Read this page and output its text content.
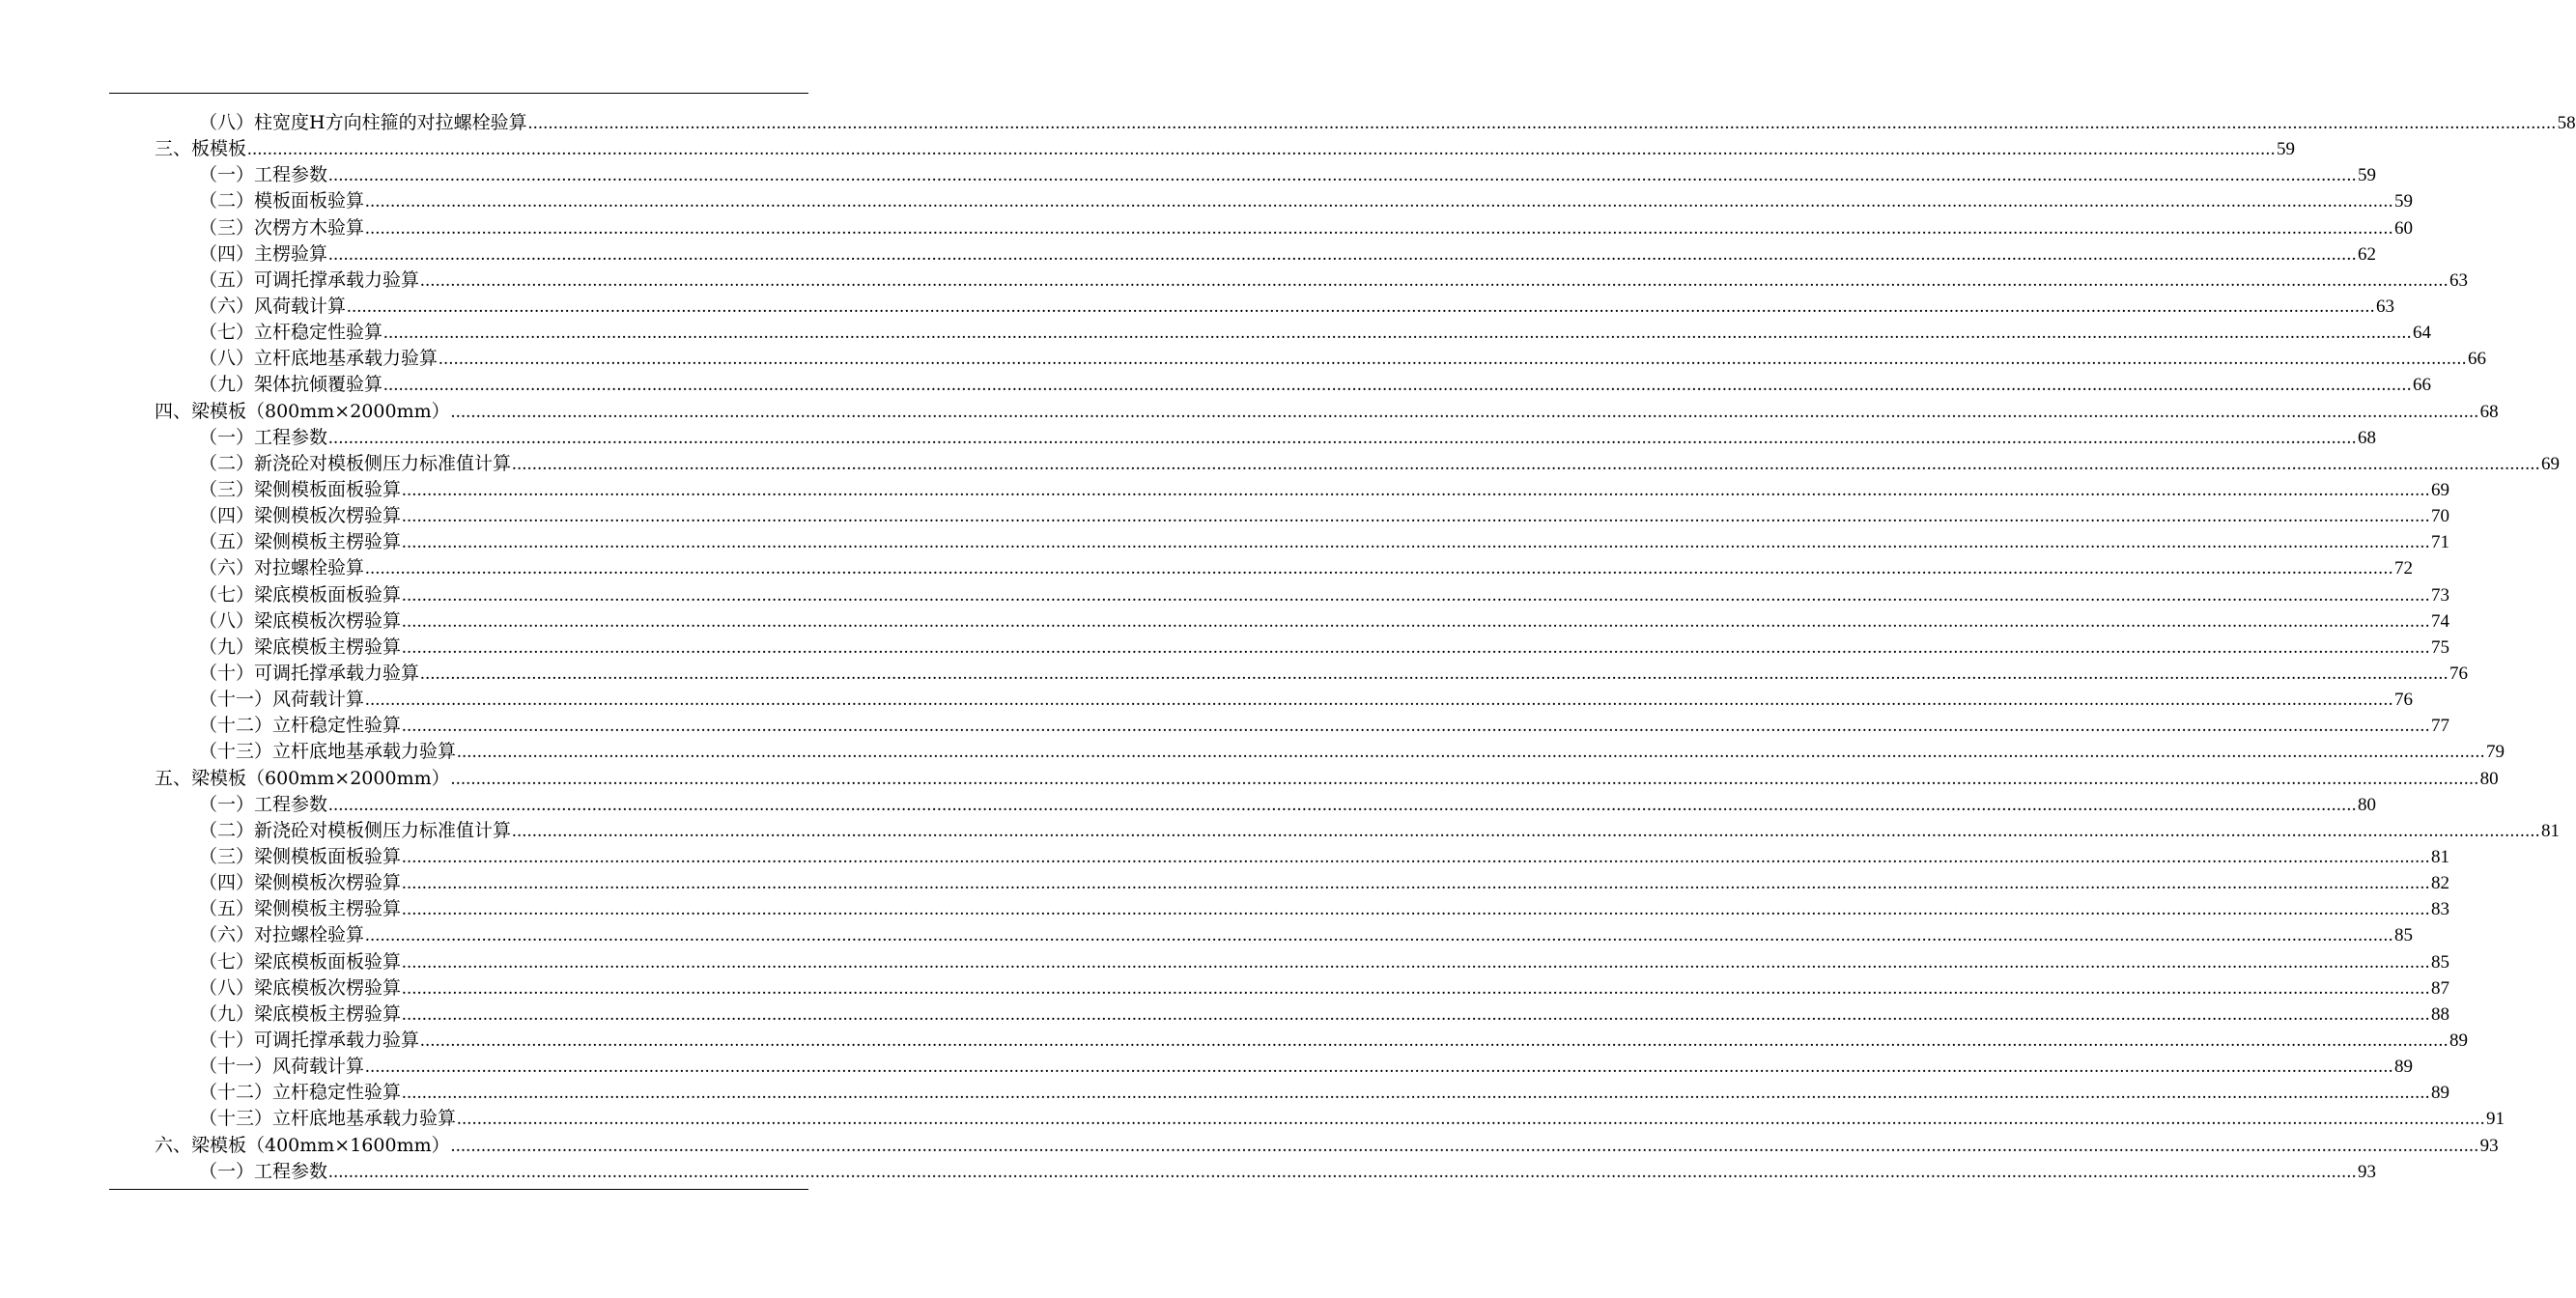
（八）柱宽度H方向柱箍的对拉螺栓验算 ................................................................................................................................................................................................................................................................................................................................................................................................................ 58
三、板模板 ................................................................................................................................................................................................................................................................................................................................................................................................................ 59
（一）工程参数 ................................................................................................................................................................................................................................................................................................................................................................................................................ 59
（二）模板面板验算 ................................................................................................................................................................................................................................................................................................................................................................................................................ 59
（三）次楞方木验算 ................................................................................................................................................................................................................................................................................................................................................................................................................ 60
（四）主楞验算 ................................................................................................................................................................................................................................................................................................................................................................................................................ 62
（五）可调托撑承载力验算 ................................................................................................................................................................................................................................................................................................................................................................................................................ 63
（六）风荷载计算 ................................................................................................................................................................................................................................................................................................................................................................................................................ 63
（七）立杆稳定性验算 ................................................................................................................................................................................................................................................................................................................................................................................................................ 64
（八）立杆底地基承载力验算 ................................................................................................................................................................................................................................................................................................................................................................................................................ 66
（九）架体抗倾覆验算 ................................................................................................................................................................................................................................................................................................................................................................................................................ 66
四、梁模板（800mm×2000mm） ................................................................................................................................................................................................................................................................................................................................................................................................................ 68
（一）工程参数 ................................................................................................................................................................................................................................................................................................................................................................................................................ 68
（二）新浇砼对模板侧压力标准值计算 ................................................................................................................................................................................................................................................................................................................................................................................................................ 69
（三）梁侧模板面板验算 ................................................................................................................................................................................................................................................................................................................................................................................................................ 69
（四）梁侧模板次楞验算 ................................................................................................................................................................................................................................................................................................................................................................................................................ 70
（五）梁侧模板主楞验算 ................................................................................................................................................................................................................................................................................................................................................................................................................ 71
（六）对拉螺栓验算 ................................................................................................................................................................................................................................................................................................................................................................................................................ 72
（七）梁底模板面板验算 ................................................................................................................................................................................................................................................................................................................................................................................................................ 73
（八）梁底模板次楞验算 ................................................................................................................................................................................................................................................................................................................................................................................................................ 74
（九）梁底模板主楞验算 ................................................................................................................................................................................................................................................................................................................................................................................................................ 75
（十）可调托撑承载力验算 ................................................................................................................................................................................................................................................................................................................................................................................................................ 76
（十一）风荷载计算 ................................................................................................................................................................................................................................................................................................................................................................................................................ 76
（十二）立杆稳定性验算 ................................................................................................................................................................................................................................................................................................................................................................................................................ 77
（十三）立杆底地基承载力验算 ................................................................................................................................................................................................................................................................................................................................................................................................................ 79
五、梁模板（600mm×2000mm） ................................................................................................................................................................................................................................................................................................................................................................................................................ 80
（一）工程参数 ................................................................................................................................................................................................................................................................................................................................................................................................................ 80
（二）新浇砼对模板侧压力标准值计算 ................................................................................................................................................................................................................................................................................................................................................................................................................ 81
（三）梁侧模板面板验算 ................................................................................................................................................................................................................................................................................................................................................................................................................ 81
（四）梁侧模板次楞验算 ................................................................................................................................................................................................................................................................................................................................................................................................................ 82
（五）梁侧模板主楞验算 ................................................................................................................................................................................................................................................................................................................................................................................................................ 83
（六）对拉螺栓验算 ................................................................................................................................................................................................................................................................................................................................................................................................................ 85
（七）梁底模板面板验算 ................................................................................................................................................................................................................................................................................................................................................................................................................ 85
（八）梁底模板次楞验算 ................................................................................................................................................................................................................................................................................................................................................................................................................ 87
（九）梁底模板主楞验算 ................................................................................................................................................................................................................................................................................................................................................................................................................ 88
（十）可调托撑承载力验算 ................................................................................................................................................................................................................................................................................................................................................................................................................ 89
（十一）风荷载计算 ................................................................................................................................................................................................................................................................................................................................................................................................................ 89
（十二）立杆稳定性验算 ................................................................................................................................................................................................................................................................................................................................................................................................................ 89
（十三）立杆底地基承载力验算 ................................................................................................................................................................................................................................................................................................................................................................................................................ 91
六、梁模板（400mm×1600mm） ................................................................................................................................................................................................................................................................................................................................................................................................................ 93
（一）工程参数 ................................................................................................................................................................................................................................................................................................................................................................................................................ 93
